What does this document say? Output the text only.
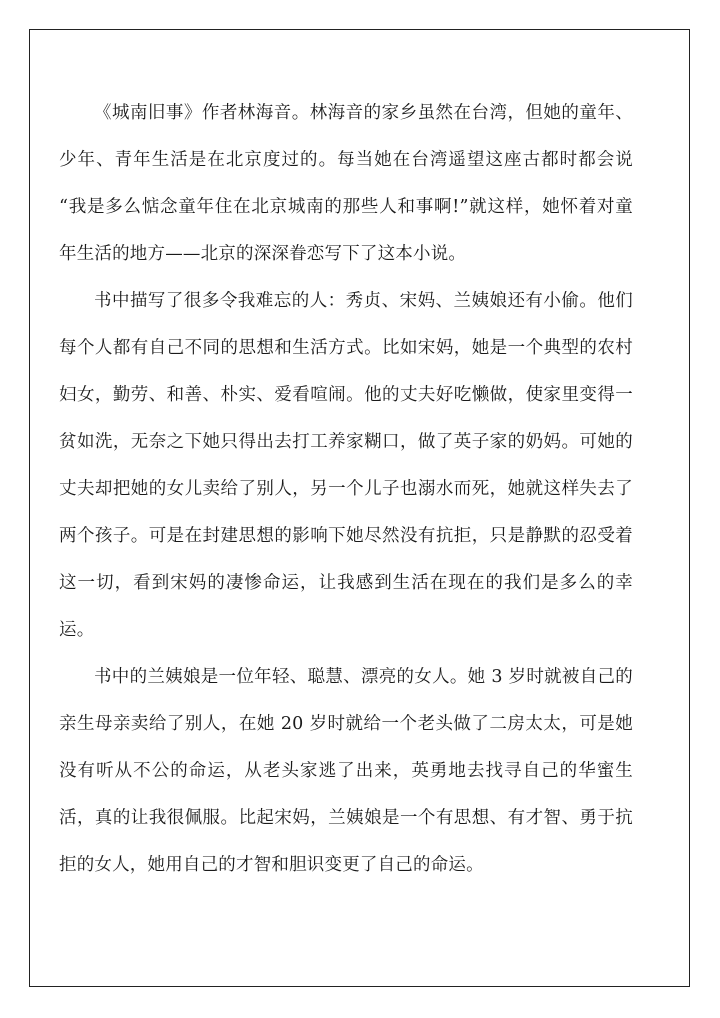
《城南旧事》作者林海音。林海音的家乡虽然在台湾，但她的童年、少年、青年生活是在北京度过的。每当她在台湾遥望这座古都时都会说 “我是多么惦念童年住在北京城南的那些人和事啊!”就这样，她怀着对童年生活的地方——北京的深深眷恋写下了这本小说。

书中描写了很多令我难忘的人：秀贞、宋妈、兰姨娘还有小偷。他们每个人都有自己不同的思想和生活方式。比如宋妈，她是一个典型的农村妇女，勤劳、和善、朴实、爱看喧闹。他的丈夫好吃懒做，使家里变得一贫如洗，无奈之下她只得出去打工养家糊口，做了英子家的奶妈。可她的丈夫却把她的女儿卖给了别人，另一个儿子也溺水而死，她就这样失去了两个孩子。可是在封建思想的影响下她尽然没有抗拒，只是静默的忍受着这一切，看到宋妈的凄惨命运，让我感到生活在现在的我们是多么的幸运。

书中的兰姨娘是一位年轻、聪慧、漂亮的女人。她 3 岁时就被自己的亲生母亲卖给了别人，在她 20 岁时就给一个老头做了二房太太，可是她没有听从不公的命运，从老头家逃了出来，英勇地去找寻自己的华蜜生活，真的让我很佩服。比起宋妈，兰姨娘是一个有思想、有才智、勇于抗拒的女人，她用自己的才智和胆识变更了自己的命运。
